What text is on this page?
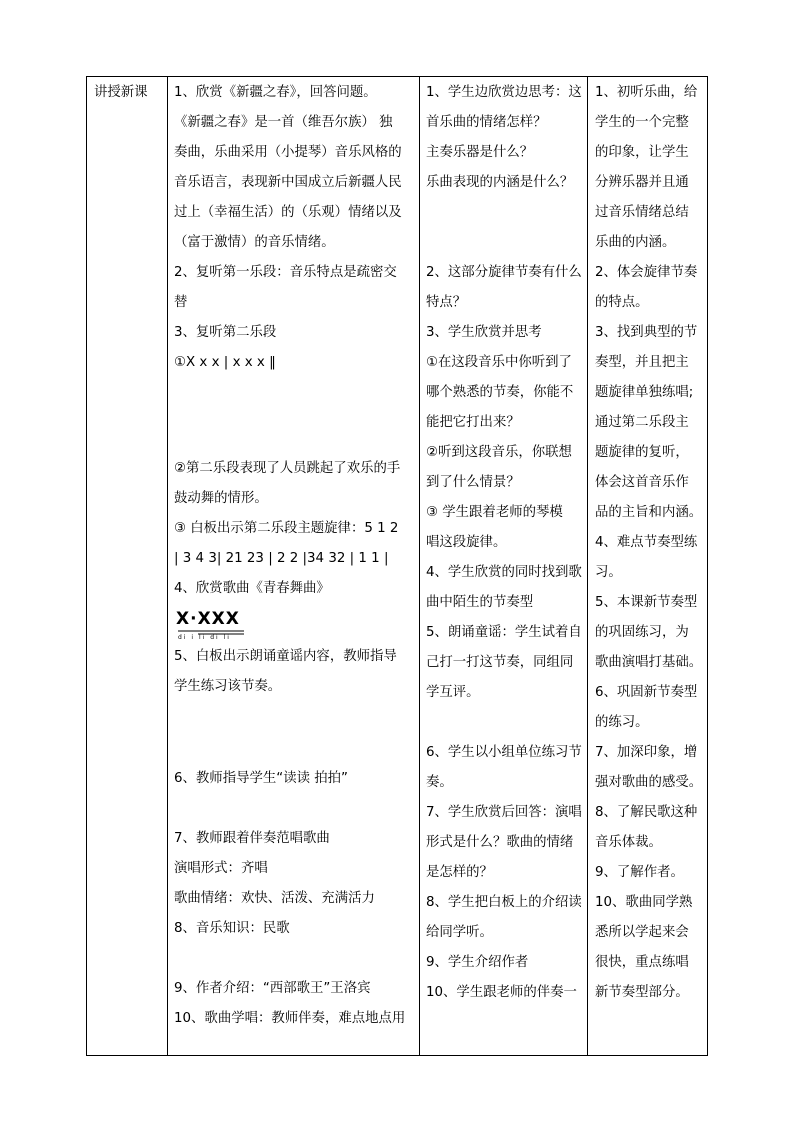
讲授新课

X·XXX
di i li di li
1、欣赏《新疆之春》，回答问题。
《新疆之春》是一首（维吾尔族） 独
奏曲，乐曲采用（小提琴）音乐风格的
音乐语言，表现新中国成立后新疆人民
过上（幸福生活）的（乐观）情绪以及
（富于激情）的音乐情绪。
2、复听第一乐段：音乐特点是疏密交
替
3、复听第二乐段
①X x x | x x x ‖
②第二乐段表现了人员跳起了欢乐的手
鼓动舞的情形。
③ 白板出示第二乐段主题旋律：5 1 2
| 3 4 3| 21 23 | 2 2 |34 32 | 1 1 |
4、欣赏歌曲《青春舞曲》
5、白板出示朗诵童谣内容，教师指导
学生练习该节奏。
6、教师指导学生“读读 拍拍”
7、教师跟着伴奏范唱歌曲
演唱形式：齐唱
歌曲情绪：欢快、活泼、充满活力
8、音乐知识：民歌
9、作者介绍：“西部歌王”王洛宾
10、歌曲学唱：教师伴奏，难点地点用

1、学生边欣赏边思考：这
首乐曲的情绪怎样？
主奏乐器是什么？
乐曲表现的内涵是什么？
2、这部分旋律节奏有什么
特点？
3、学生欣赏并思考
①在这段音乐中你听到了
哪个熟悉的节奏，你能不
能把它打出来？
②听到这段音乐，你联想
到了什么情景？
③ 学生跟着老师的琴模
唱这段旋律。
4、学生欣赏的同时找到歌
曲中陌生的节奏型
5、朗诵童谣：学生试着自
己打一打这节奏，同组同
学互评。
6、学生以小组单位练习节
奏。
7、学生欣赏后回答：演唱
形式是什么？歌曲的情绪
是怎样的？
8、学生把白板上的介绍读
给同学听。
9、学生介绍作者
10、学生跟老师的伴奏一

1、初听乐曲，给
学生的一个完整
的印象，让学生
分辨乐器并且通
过音乐情绪总结
乐曲的内涵。
2、体会旋律节奏
的特点。
3、找到典型的节
奏型，并且把主
题旋律单独练唱;
通过第二乐段主
题旋律的复听，
体会这首音乐作
品的主旨和内涵。
4、难点节奏型练
习。
5、本课新节奏型
的巩固练习，为
歌曲演唱打基础。
6、巩固新节奏型
的练习。
7、加深印象，增
强对歌曲的感受。
8、了解民歌这种
音乐体裁。
9、了解作者。
10、歌曲同学熟
悉所以学起来会
很快，重点练唱
新节奏型部分。
